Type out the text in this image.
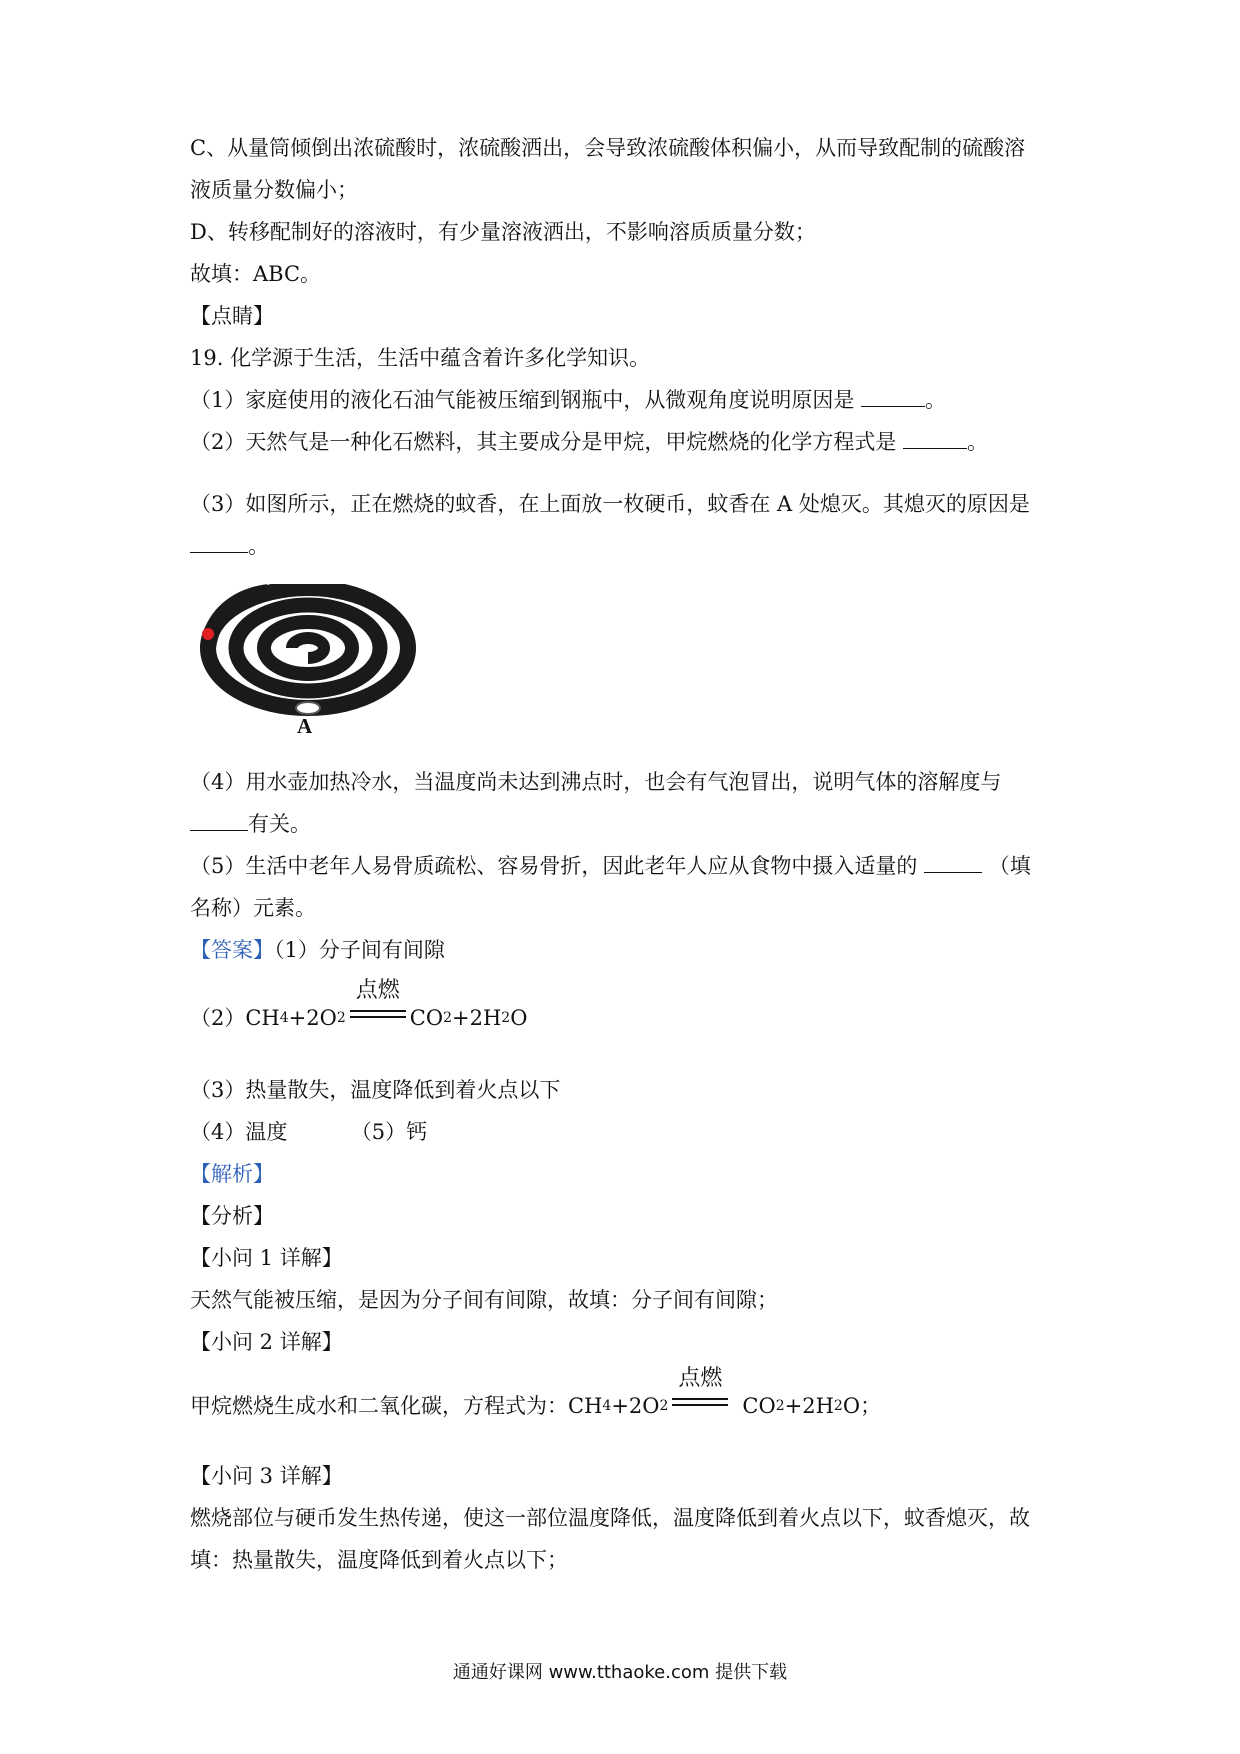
C、从量筒倾倒出浓硫酸时，浓硫酸洒出，会导致浓硫酸体积偏小，从而导致配制的硫酸溶
液质量分数偏小；
D、转移配制好的溶液时，有少量溶液洒出，不影响溶质质量分数；
故填：ABC。
【点睛】
19. 化学源于生活，生活中蕴含着许多化学知识。
（1）家庭使用的液化石油气能被压缩到钢瓶中，从微观角度说明原因是	。
（2）天然气是一种化石燃料，其主要成分是甲烷，甲烷燃烧的化学方程式是	。
（3）如图所示，正在燃烧的蚊香，在上面放一枚硬币，蚊香在 A 处熄灭。其熄灭的原因是
。
A
（4）用水壶加热冷水，当温度尚未达到沸点时，也会有气泡冒出，说明气体的溶解度与
有关。
（5）生活中老年人易骨质疏松、容易骨折，因此老年人应从食物中摄入适量的	（填
名称）元素。
【答案】（1）分子间有间隙
（2）CH 4 +2O 2
点燃
CO 2 +2H 2 O
（3）热量散失，温度降低到着火点以下
（4）温度	（5）钙
【解析】
【分析】
【小问 1 详解】
天然气能被压缩，是因为分子间有间隙，故填：分子间有间隙；
【小问 2 详解】
甲烷燃烧生成水和二氧化碳，方程式为：CH 4 +2O 2
点燃
CO 2 +2H 2 O ；
【小问 3 详解】
燃烧部位与硬币发生热传递，使这一部位温度降低，温度降低到着火点以下，蚊香熄灭，故
填：热量散失，温度降低到着火点以下；
通通好课网 www.tthaoke.com 提供下载
